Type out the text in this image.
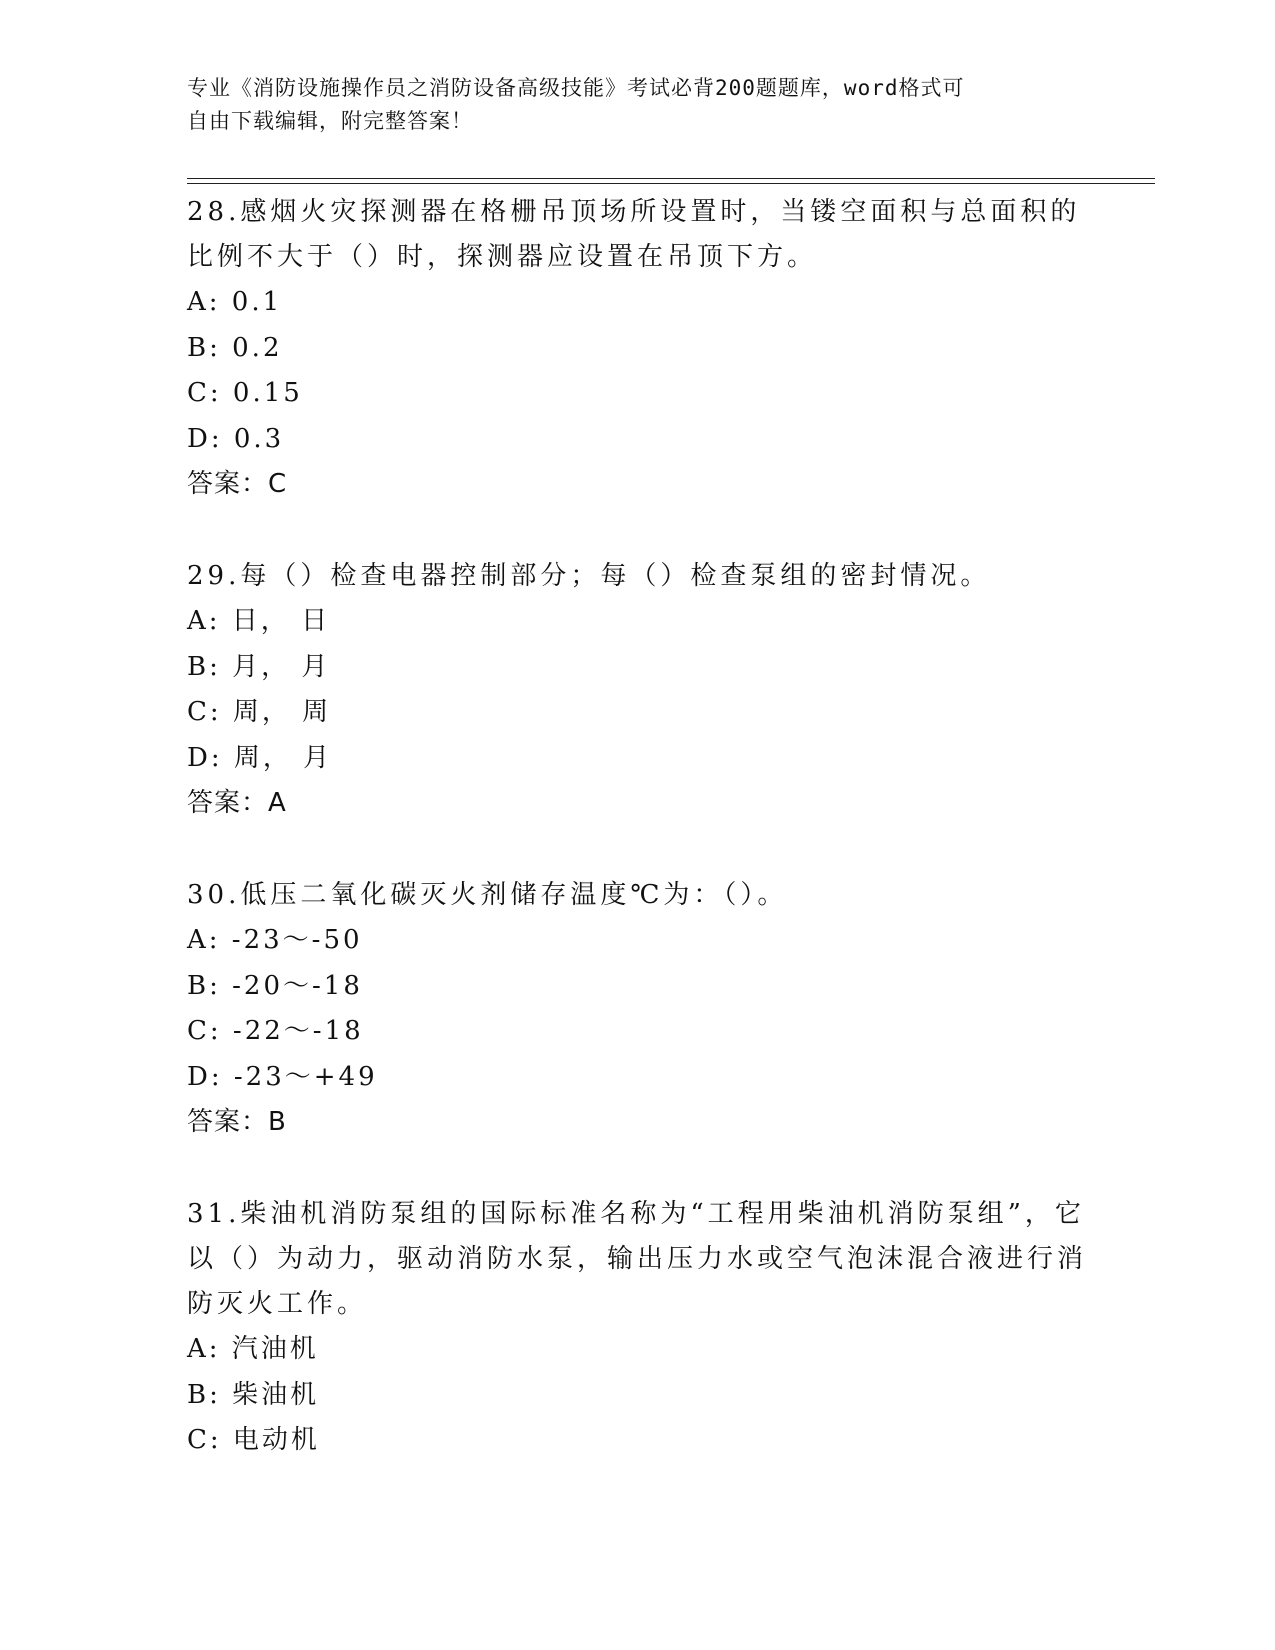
专业《消防设施操作员之消防设备高级技能》考试必背200题题库，word格式可
自由下载编辑，附完整答案！
28.感烟火灾探测器在格栅吊顶场所设置时，当镂空面积与总面积的比例不大于（）时，探测器应设置在吊顶下方。
A: 0.1
B: 0.2
C: 0.15
D: 0.3
答案：C
29.每（）检查电器控制部分；每（）检查泵组的密封情况。
A: 日， 日
B: 月， 月
C: 周， 周
D: 周， 月
答案：A
30.低压二氧化碳灭火剂储存温度℃为：（）。
A: -23～-50
B: -20～-18
C: -22～-18
D: -23～+49
答案：B
31.柴油机消防泵组的国际标准名称为“工程用柴油机消防泵组”，它以（）为动力，驱动消防水泵，输出压力水或空气泡沫混合液进行消防灭火工作。
A: 汽油机
B: 柴油机
C: 电动机
